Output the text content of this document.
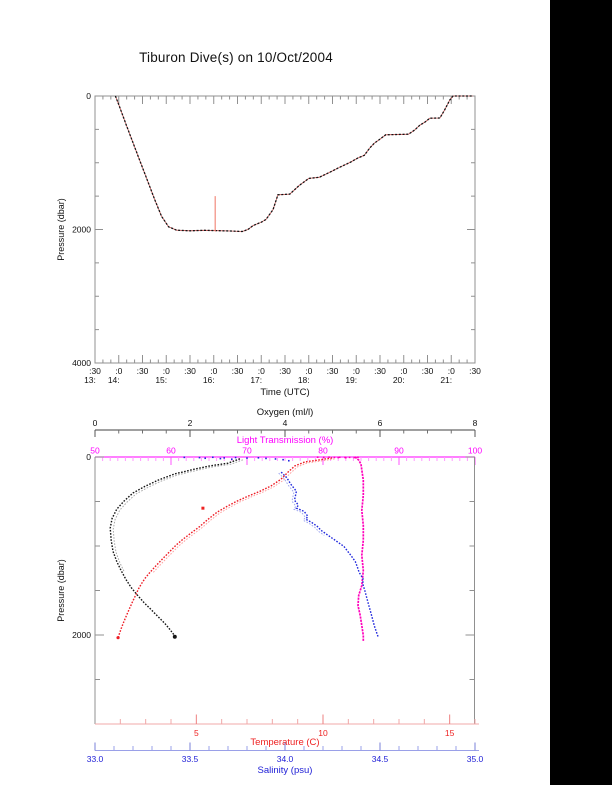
Tiburon Dive(s) on 10/Oct/2004
:30
13:
:0
14:
:30 :0
15:
:30 :0
16:
:30 :0
17:
:30 :0
18:
:30 :0
19:
:30 :0
20:
:30 :0
21:
:30
0
2000
4000
Time (UTC)
Pressure (dbar)
0	2	4	6	8
Oxygen (ml/l)
50	60	70	80	90	100
Light Transmission (%)
0
2000
Pressure (dbar)
5	10	15
Temperature (C)
33.0	33.5	34.0	34.5	35.0
Salinity (psu)
